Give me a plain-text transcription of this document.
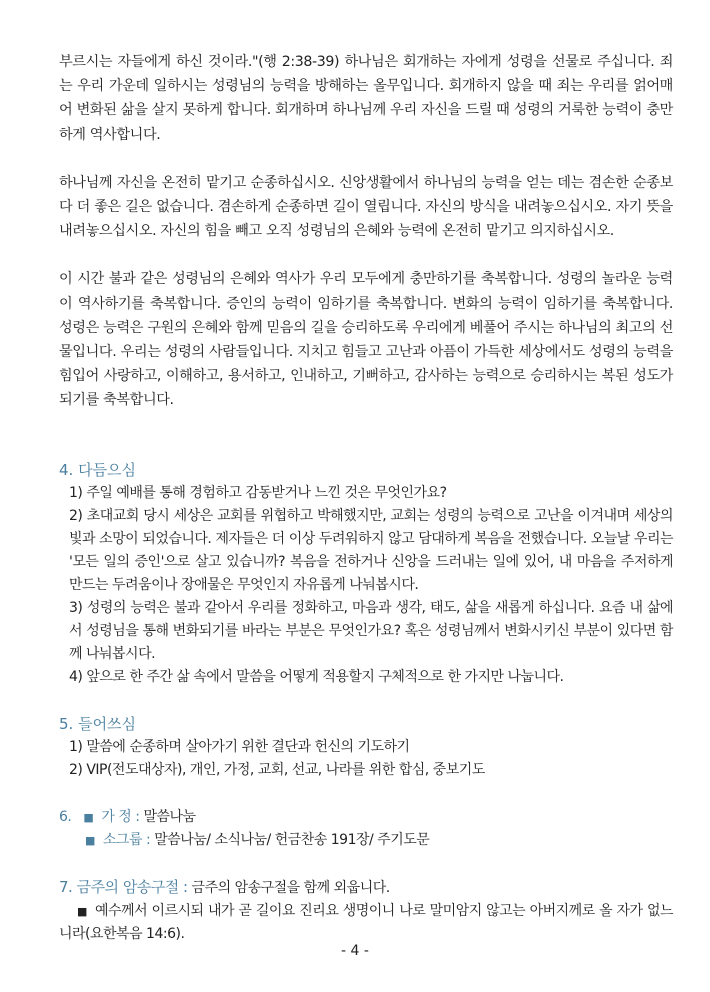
부르시는 자들에게 하신 것이라."(행 2:38-39) 하나님은 회개하는 자에게 성령을 선물로 주십니다. 죄는 우리 가운데 일하시는 성령님의 능력을 방해하는 올무입니다. 회개하지 않을 때 죄는 우리를 얽어매어 변화된 삶을 살지 못하게 합니다. 회개하며 하나님께 우리 자신을 드릴 때 성령의 거룩한 능력이 충만하게 역사합니다.

하나님께 자신을 온전히 맡기고 순종하십시오. 신앙생활에서 하나님의 능력을 얻는 데는 겸손한 순종보다 더 좋은 길은 없습니다. 겸손하게 순종하면 길이 열립니다. 자신의 방식을 내려놓으십시오. 자기 뜻을 내려놓으십시오. 자신의 힘을 빼고 오직 성령님의 은혜와 능력에 온전히 맡기고 의지하십시오.

이 시간 불과 같은 성령님의 은혜와 역사가 우리 모두에게 충만하기를 축복합니다. 성령의 놀라운 능력이 역사하기를 축복합니다. 증인의 능력이 임하기를 축복합니다. 변화의 능력이 임하기를 축복합니다. 성령은 능력은 구원의 은혜와 함께 믿음의 길을 승리하도록 우리에게 베풀어 주시는 하나님의 최고의 선물입니다. 우리는 성령의 사람들입니다. 지치고 힘들고 고난과 아픔이 가득한 세상에서도 성령의 능력을 힘입어 사랑하고, 이해하고, 용서하고, 인내하고, 기뻐하고, 감사하는 능력으로 승리하시는 복된 성도가 되기를 축복합니다.

4. 다듬으심

1) 주일 예배를 통해 경험하고 감동받거나 느낀 것은 무엇인가요?

2) 초대교회 당시 세상은 교회를 위협하고 박해했지만, 교회는 성령의 능력으로 고난을 이겨내며 세상의 빛과 소망이 되었습니다. 제자들은 더 이상 두려워하지 않고 담대하게 복음을 전했습니다. 오늘날 우리는 '모든 일의 증인'으로 살고 있습니까? 복음을 전하거나 신앙을 드러내는 일에 있어, 내 마음을 주저하게 만드는 두려움이나 장애물은 무엇인지 자유롭게 나눠봅시다.

3) 성령의 능력은 불과 같아서 우리를 정화하고, 마음과 생각, 태도, 삶을 새롭게 하십니다. 요즘 내 삶에서 성령님을 통해 변화되기를 바라는 부분은 무엇인가요? 혹은 성령님께서 변화시키신 부분이 있다면 함께 나눠봅시다.

4) 앞으로 한 주간 삶 속에서 말씀을 어떻게 적용할지 구체적으로 한 가지만 나눕니다.

5. 들어쓰심

1) 말씀에 순종하며 살아가기 위한 결단과 헌신의 기도하기

2) VIP(전도대상자), 개인, 가정, 교회, 선교, 나라를 위한 합심, 중보기도

6. ■ 가 정 : 말씀나눔

■ 소그룹 : 말씀나눔/ 소식나눔/ 헌금찬송 191장/ 주기도문

7. 금주의 암송구절 : 금주의 암송구절을 함께 외웁니다.

■ 예수께서 이르시되 내가 곧 길이요 진리요 생명이니 나로 말미암지 않고는 아버지께로 올 자가 없느니라(요한복음 14:6).

- 4 -
